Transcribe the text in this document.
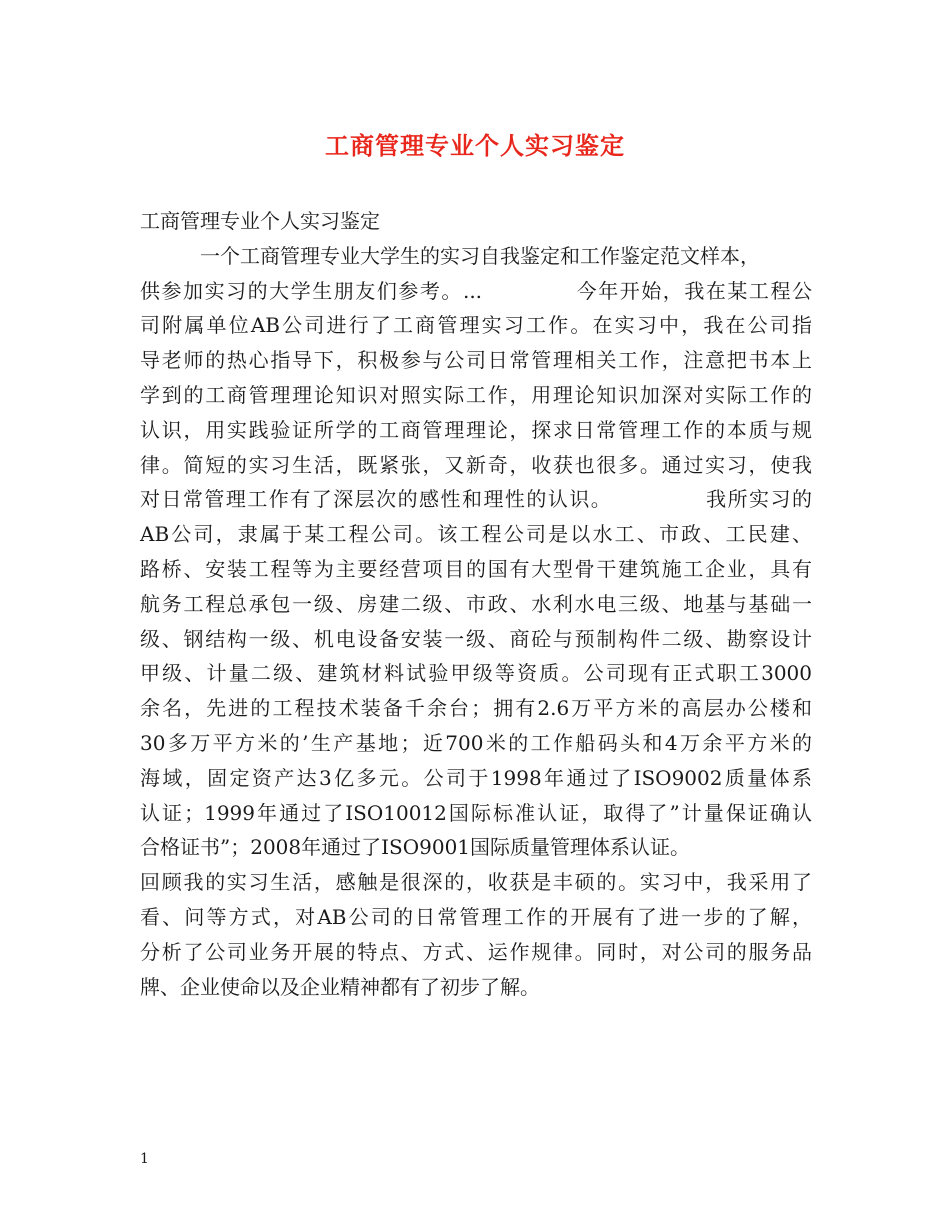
工商管理专业个人实习鉴定
工商管理专业个人实习鉴定
一个工商管理专业大学生的实习自我鉴定和工作鉴定范文样本，
供参加实习的大学生朋友们参考。...            今年开始，我在某工程公
司附属单位AB公司进行了工商管理实习工作。在实习中，我在公司指
导老师的热心指导下，积极参与公司日常管理相关工作，注意把书本上
学到的工商管理理论知识对照实际工作，用理论知识加深对实际工作的
认识，用实践验证所学的工商管理理论，探求日常管理工作的本质与规
律。简短的实习生活，既紧张，又新奇，收获也很多。通过实习，使我
对日常管理工作有了深层次的感性和理性的认识。            我所实习的
AB公司，隶属于某工程公司。该工程公司是以水工、市政、工民建、
路桥、安装工程等为主要经营项目的国有大型骨干建筑施工企业，具有
航务工程总承包一级、房建二级、市政、水利水电三级、地基与基础一
级、钢结构一级、机电设备安装一级、商砼与预制构件二级、勘察设计
甲级、计量二级、建筑材料试验甲级等资质。公司现有正式职工3000
余名，先进的工程技术装备千余台；拥有2.6万平方米的高层办公楼和
30多万平方米的’生产基地；近700米的工作船码头和4万余平方米的
海域，固定资产达3亿多元。公司于1998年通过了ISO9002质量体系
认证；1999年通过了ISO10012国际标准认证，取得了”计量保证确认
合格证书”；2008年通过了ISO9001国际质量管理体系认证。
回顾我的实习生活，感触是很深的，收获是丰硕的。实习中，我采用了
看、问等方式，对AB公司的日常管理工作的开展有了进一步的了解，
分析了公司业务开展的特点、方式、运作规律。同时，对公司的服务品
牌、企业使命以及企业精神都有了初步了解。
1
